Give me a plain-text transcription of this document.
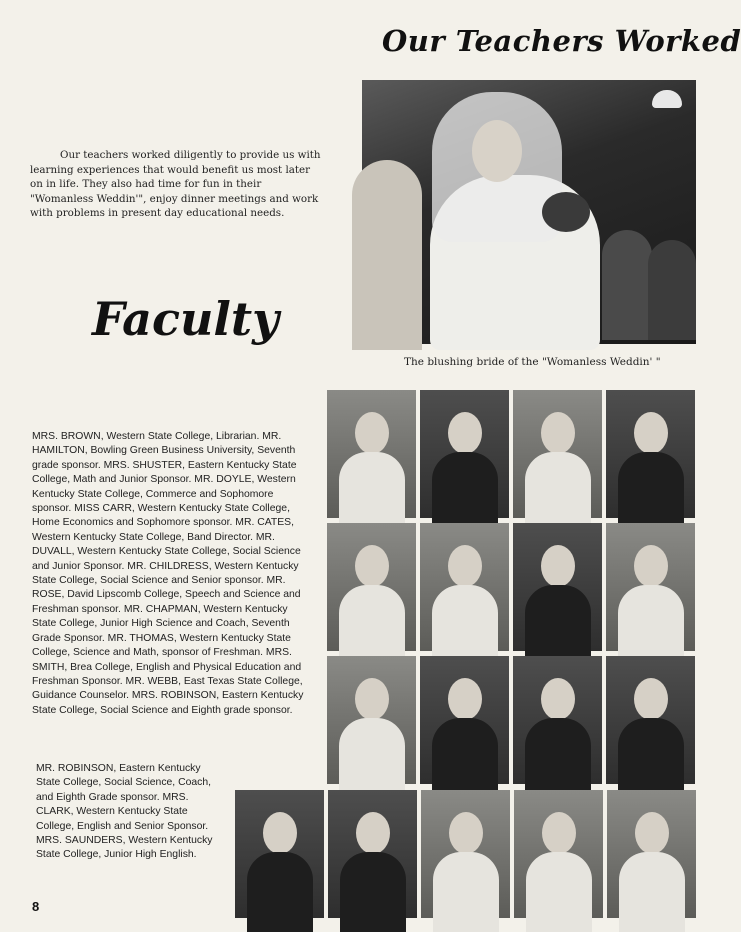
Our Teachers Worked
The blushing bride of the "Womanless Weddin' "
Our teachers worked diligently to provide us with learning experiences that would benefit us most later on in life. They also had time for fun in their "Womanless Weddin'", enjoy dinner meetings and work with problems in present day educational needs.
Faculty
MRS. BROWN, Western State College, Librarian. MR. HAMILTON, Bowling Green Business University, Seventh grade sponsor. MRS. SHUSTER, Eastern Kentucky State College, Math and Junior Sponsor. MR. DOYLE, Western Kentucky State College, Commerce and Sophomore sponsor. MISS CARR, Western Kentucky State College, Home Economics and Sophomore sponsor. MR. CATES, Western Kentucky State College, Band Director. MR. DUVALL, Western Kentucky State College, Social Science and Junior Sponsor. MR. CHILDRESS, Western Kentucky State College, Social Science and Senior sponsor. MR. ROSE, David Lipscomb College, Speech and Science and Freshman sponsor. MR. CHAPMAN, Western Kentucky State College, Junior High Science and Coach, Seventh Grade Sponsor. MR. THOMAS, Western Kentucky State College, Science and Math, sponsor of Freshman. MRS. SMITH, Brea College, English and Physical Education and Freshman Sponsor. MR. WEBB, East Texas State College, Guidance Counselor. MRS. ROBINSON, Eastern Kentucky State College, Social Science and Eighth grade sponsor.
MR. ROBINSON, Eastern Kentucky State College, Social Science, Coach, and Eighth Grade sponsor. MRS. CLARK, Western Kentucky State College, English and Senior Sponsor. MRS. SAUNDERS, Western Kentucky State College, Junior High English.
8
